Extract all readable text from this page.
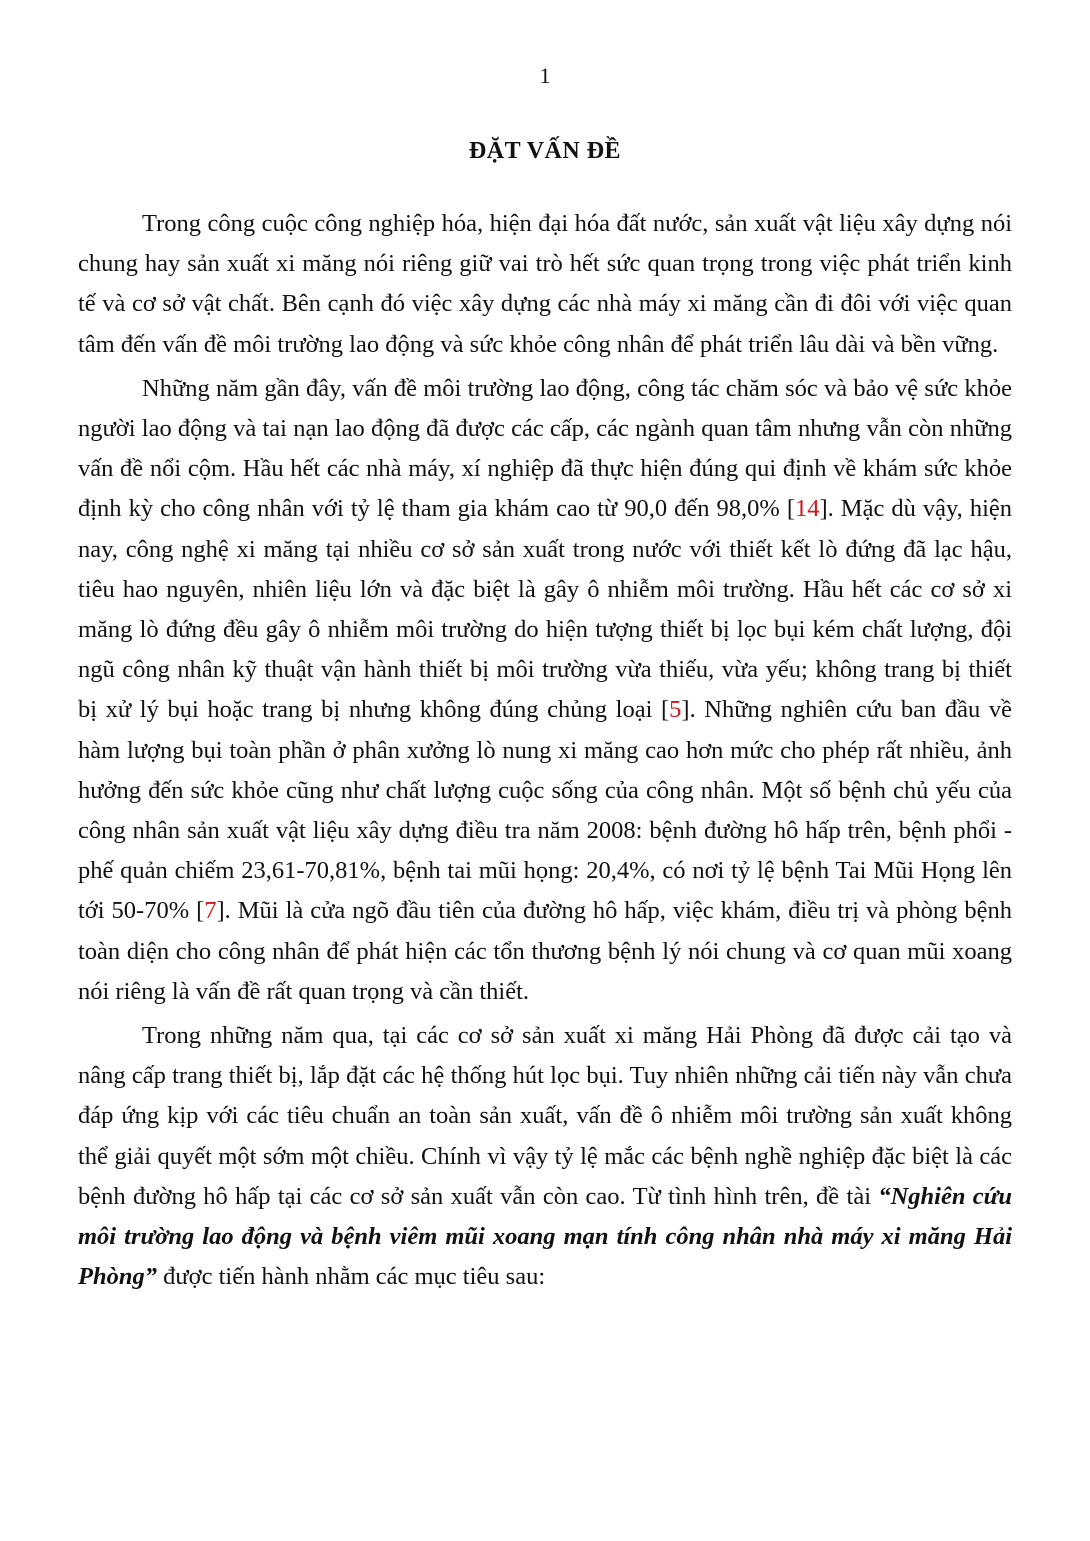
1
ĐẶT VẤN ĐỀ

Trong công cuộc công nghiệp hóa, hiện đại hóa đất nước, sản xuất vật liệu xây dựng nói chung hay sản xuất xi măng nói riêng giữ vai trò hết sức quan trọng trong việc phát triển kinh tế và cơ sở vật chất. Bên cạnh đó việc xây dựng các nhà máy xi măng cần đi đôi với việc quan tâm đến vấn đề môi trường lao động và sức khỏe công nhân để phát triển lâu dài và bền vững.

Những năm gần đây, vấn đề môi trường lao động, công tác chăm sóc và bảo vệ sức khỏe người lao động và tai nạn lao động đã được các cấp, các ngành quan tâm nhưng vẫn còn những vấn đề nổi cộm. Hầu hết các nhà máy, xí nghiệp đã thực hiện đúng qui định về khám sức khỏe định kỳ cho công nhân với tỷ lệ tham gia khám cao từ 90,0 đến 98,0% [14]. Mặc dù vậy, hiện nay, công nghệ xi măng tại nhiều cơ sở sản xuất trong nước với thiết kết lò đứng đã lạc hậu, tiêu hao nguyên, nhiên liệu lớn và đặc biệt là gây ô nhiễm môi trường. Hầu hết các cơ sở xi măng lò đứng đều gây ô nhiễm môi trường do hiện tượng thiết bị lọc bụi kém chất lượng, đội ngũ công nhân kỹ thuật vận hành thiết bị môi trường vừa thiếu, vừa yếu; không trang bị thiết bị xử lý bụi hoặc trang bị nhưng không đúng chủng loại [5]. Những nghiên cứu ban đầu về hàm lượng bụi toàn phần ở phân xưởng lò nung xi măng cao hơn mức cho phép rất nhiều, ảnh hưởng đến sức khỏe cũng như chất lượng cuộc sống của công nhân. Một số bệnh chủ yếu của công nhân sản xuất vật liệu xây dựng điều tra năm 2008: bệnh đường hô hấp trên, bệnh phổi - phế quản chiếm 23,61-70,81%, bệnh tai mũi họng: 20,4%, có nơi tỷ lệ bệnh Tai Mũi Họng lên tới 50-70% [7]. Mũi là cửa ngõ đầu tiên của đường hô hấp, việc khám, điều trị và phòng bệnh toàn diện cho công nhân để phát hiện các tổn thương bệnh lý nói chung và cơ quan mũi xoang nói riêng là vấn đề rất quan trọng và cần thiết.

Trong những năm qua, tại các cơ sở sản xuất xi măng Hải Phòng đã được cải tạo và nâng cấp trang thiết bị, lắp đặt các hệ thống hút lọc bụi. Tuy nhiên những cải tiến này vẫn chưa đáp ứng kịp với các tiêu chuẩn an toàn sản xuất, vấn đề ô nhiễm môi trường sản xuất không thể giải quyết một sớm một chiều. Chính vì vậy tỷ lệ mắc các bệnh nghề nghiệp đặc biệt là các bệnh đường hô hấp tại các cơ sở sản xuất vẫn còn cao. Từ tình hình trên, đề tài “Nghiên cứu môi trường lao động và bệnh viêm mũi xoang mạn tính công nhân nhà máy xi măng Hải Phòng” được tiến hành nhằm các mục tiêu sau:
